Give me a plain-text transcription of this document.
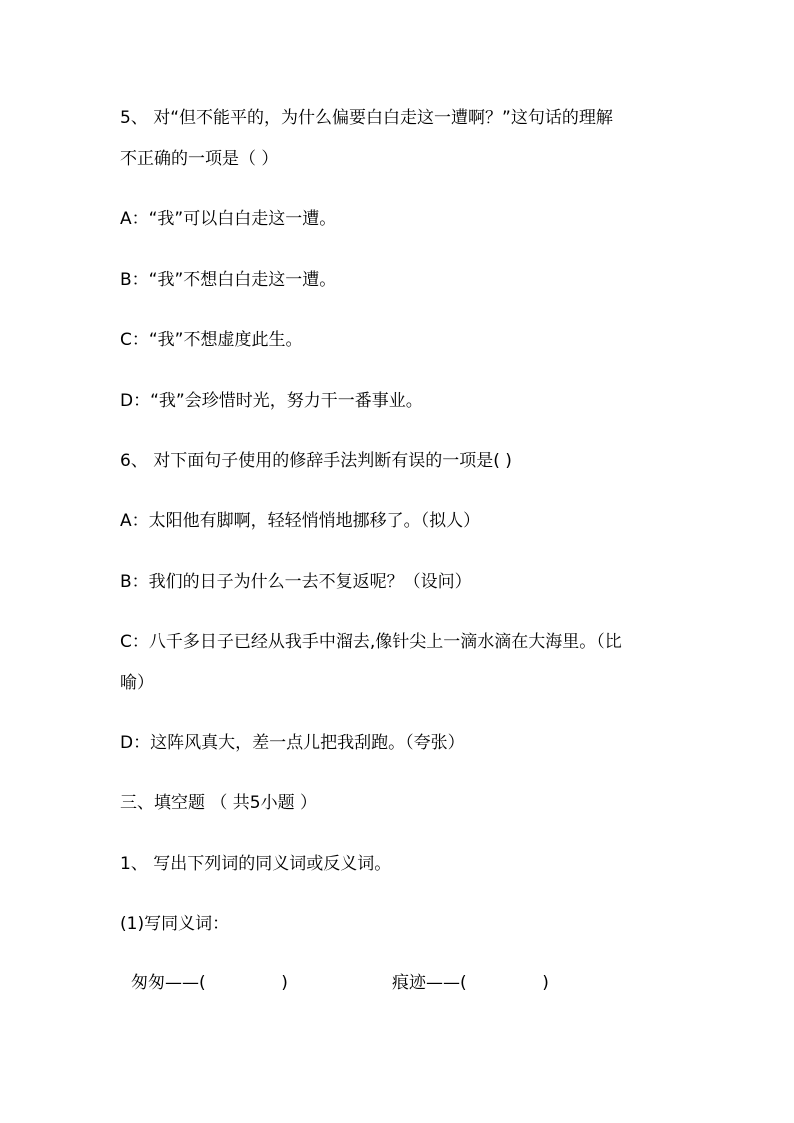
5、 对“但不能平的，为什么偏要白白走这一遭啊？”这句话的理解
不正确的一项是（ ）
A：“我”可以白白走这一遭。
B：“我”不想白白走这一遭。
C：“我”不想虚度此生。
D：“我”会珍惜时光，努力干一番事业。
6、 对下面句子使用的修辞手法判断有误的一项是( )
A：太阳他有脚啊，轻轻悄悄地挪移了。（拟人）
B：我们的日子为什么一去不复返呢？（设问）
C：八千多日子已经从我手中溜去,像针尖上一滴水滴在大海里。（比
喻）
D：这阵风真大，差一点儿把我刮跑。（夸张）
三、填空题 （ 共5小题 ）
1、 写出下列词的同义词或反义词。
(1)写同义词：
匆匆——(              )	痕迹——(              )
